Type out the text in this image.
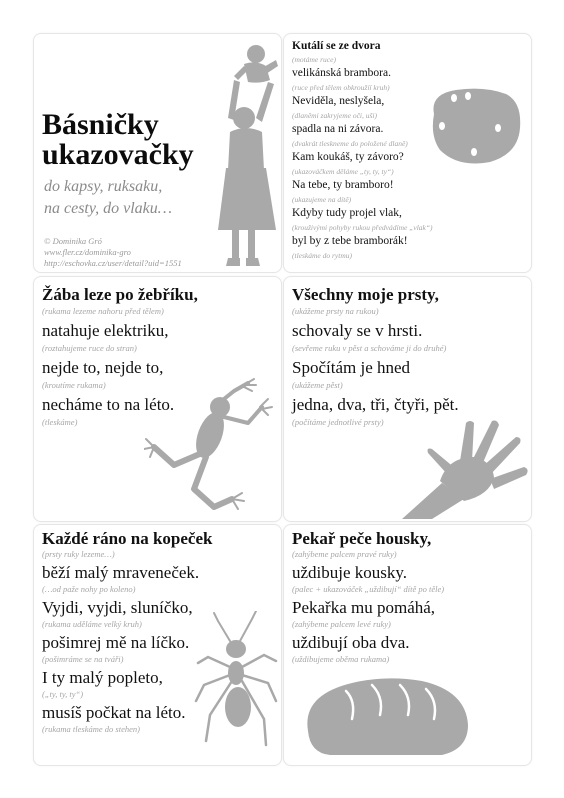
Básničky
ukazovačky
do kapsy, ruksaku,
na cesty, do vlaku…
© Dominika Gró
www.fler.cz/dominika-gro
http://eschovka.cz/user/detail?uid=1551
Kutálí se ze dvora
(motáme ruce)
velikánská brambora.
(ruce před tělem obkroužíí kruh)
Neviděla, neslyšela,
(dlaněmi zakryjeme oči, uši)
spadla na ni závora.
(dvakrát tleskneme do položené dlaně)
Kam koukáš, ty závoro?
(ukazováčkem děláme „ty, ty, ty“)
Na tebe, ty bramboro!
(ukazujeme na dítě)
Kdyby tudy projel vlak,
(krouživými pohyby rukou předvádíme „vlak“)
byl by z tebe bramborák!
(tleskáme do rytmu)
Žába leze po žebříku,
(rukama lezeme nahoru před tělem)
natahuje elektriku,
(roztahujeme ruce do stran)
nejde to, nejde to,
(kroutíme rukama)
necháme to na léto.
(tleskáme)
Všechny moje prsty,
(ukážeme prsty na rukou)
schovaly se v hrsti.
(sevřeme ruku v pěst a schováme ji do druhé)
Spočítám je hned
(ukážeme pěst)
jedna, dva, tři, čtyři, pět.
(počítáme jednotlivé prsty)
Každé ráno na kopeček
(prsty ruky lezeme…)
běží malý mraveneček.
(…od paže nohy po koleno)
Vyjdi, vyjdi, sluníčko,
(rukama uděláme velký kruh)
pošimrej mě na líčko.
(pošimráme se na tváři)
I ty malý popleto,
(„ty, ty, ty“)
musíš počkat na léto.
(rukama tleskáme do stehen)
Pekař peče housky,
(zahýbeme palcem pravé ruky)
uždibuje kousky.
(palec + ukazováček „uždibují“ dítě po těle)
Pekařka mu pomáhá,
(zahýbeme palcem levé ruky)
uždibují oba dva.
(uždibujeme oběma rukama)
